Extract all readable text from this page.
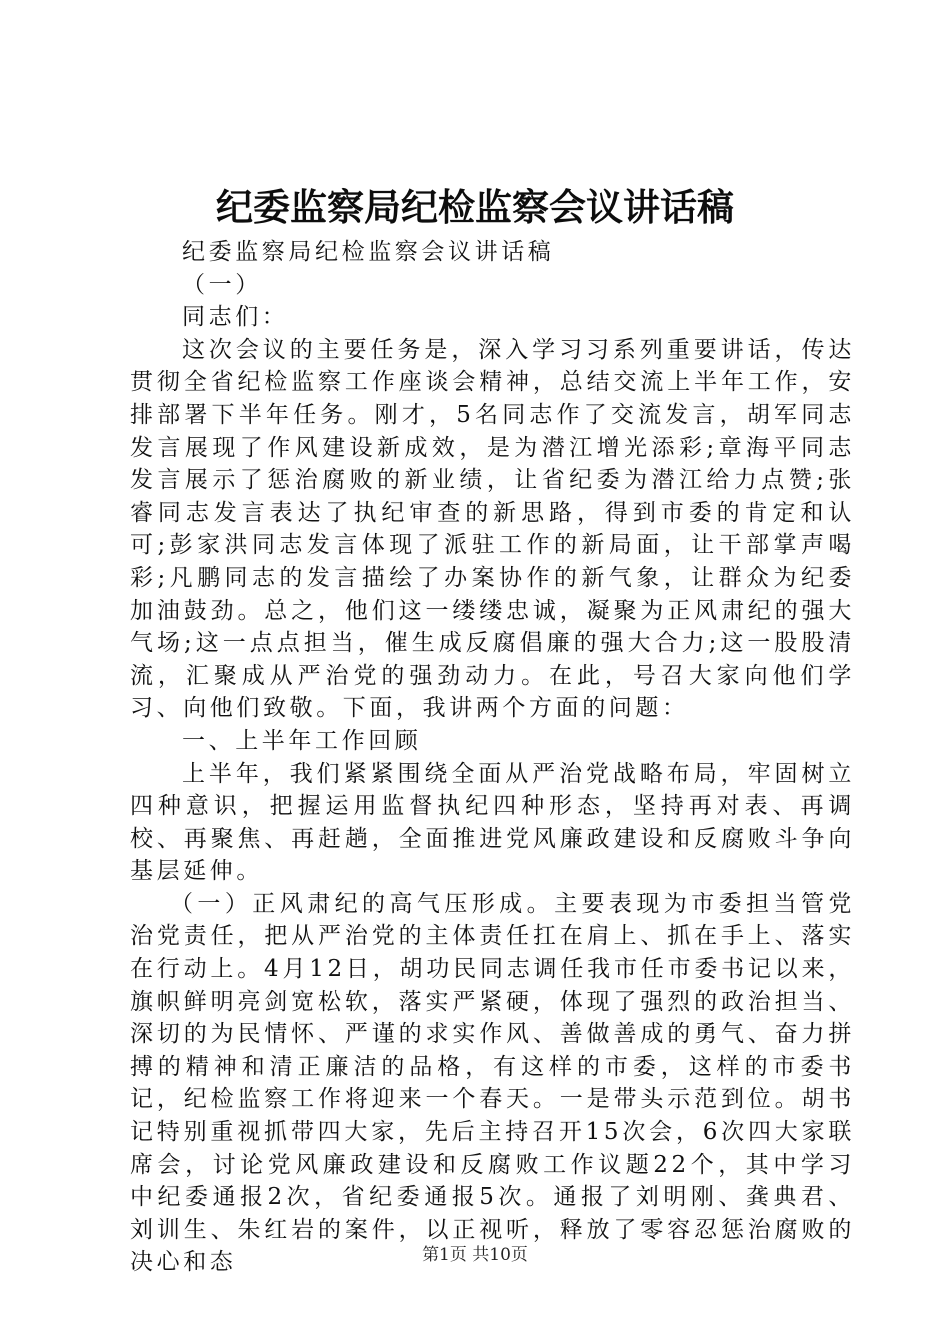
纪委监察局纪检监察会议讲话稿

纪委监察局纪检监察会议讲话稿

（一）

同志们：

这次会议的主要任务是，深入学习习系列重要讲话，传达贯彻全省纪检监察工作座谈会精神，总结交流上半年工作，安排部署下半年任务。刚才，5名同志作了交流发言，胡军同志发言展现了作风建设新成效，是为潜江增光添彩;章海平同志发言展示了惩治腐败的新业绩，让省纪委为潜江给力点赞;张睿同志发言表达了执纪审查的新思路，得到市委的肯定和认可;彭家洪同志发言体现了派驻工作的新局面，让干部掌声喝彩;凡鹏同志的发言描绘了办案协作的新气象，让群众为纪委加油鼓劲。总之，他们这一缕缕忠诚，凝聚为正风肃纪的强大气场;这一点点担当，催生成反腐倡廉的强大合力;这一股股清流，汇聚成从严治党的强劲动力。在此，号召大家向他们学习、向他们致敬。下面，我讲两个方面的问题：

一、上半年工作回顾

上半年，我们紧紧围绕全面从严治党战略布局，牢固树立四种意识，把握运用监督执纪四种形态，坚持再对表、再调校、再聚焦、再赶趟，全面推进党风廉政建设和反腐败斗争向基层延伸。

（一）正风肃纪的高气压形成。主要表现为市委担当管党治党责任，把从严治党的主体责任扛在肩上、抓在手上、落实在行动上。4月12日，胡功民同志调任我市任市委书记以来，旗帜鲜明亮剑宽松软，落实严紧硬，体现了强烈的政治担当、深切的为民情怀、严谨的求实作风、善做善成的勇气、奋力拼搏的精神和清正廉洁的品格，有这样的市委，这样的市委书记，纪检监察工作将迎来一个春天。一是带头示范到位。胡书记特别重视抓带四大家，先后主持召开15次会，6次四大家联席会，讨论党风廉政建设和反腐败工作议题22个，其中学习中纪委通报2次，省纪委通报5次。通报了刘明刚、龚典君、刘训生、朱红岩的案件，以正视听，释放了零容忍惩治腐败的决心和态	第1页 共10页
